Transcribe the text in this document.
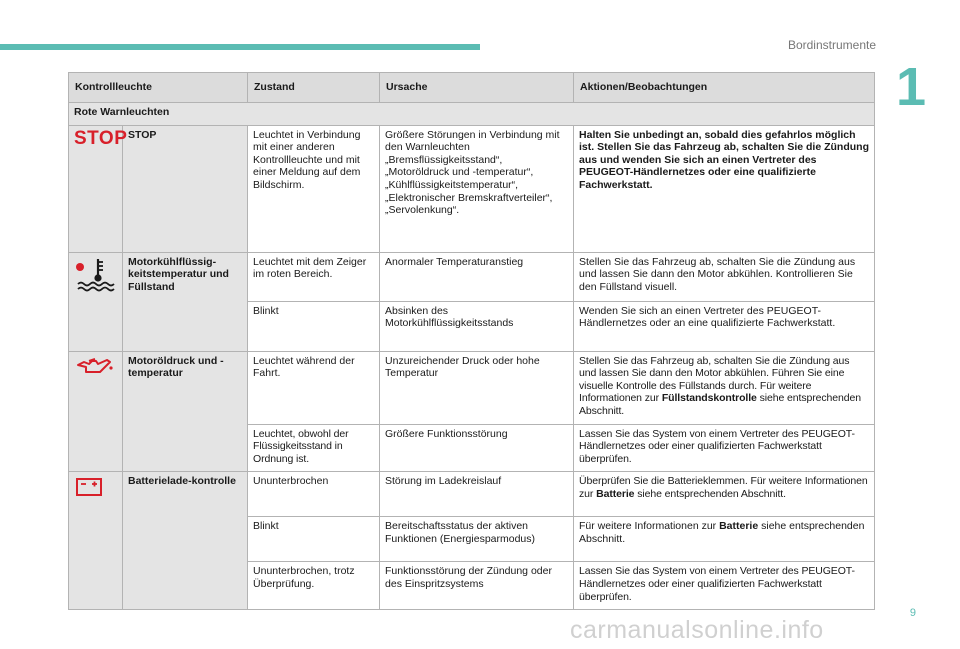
Bordinstrumente
1
Kontrollleuchte		Zustand	Ursache	Aktionen/Beobachtungen
Rote Warnleuchten				
STOP	STOP	Leuchtet in Verbindung mit einer anderen Kontrollleuchte und mit einer Meldung auf dem Bildschirm.	Größere Störungen in Verbindung mit den Warnleuchten „Bremsflüssigkeitsstand“, „Motoröldruck und -temperatur“, „Kühlflüssigkeitstemperatur“, „Elektronischer Bremskraftverteiler“, „Servolenkung“.	Halten Sie unbedingt an, sobald dies gefahrlos möglich ist. Stellen Sie das Fahrzeug ab, schalten Sie die Zündung aus und wenden Sie sich an einen Vertreter des PEUGEOT-Händlernetzes oder eine qualifizierte Fachwerkstatt.
	Motorkühlflüssig-keitstemperatur und Füllstand	Leuchtet mit dem Zeiger im roten Bereich.	Anormaler Temperaturanstieg	Stellen Sie das Fahrzeug ab, schalten Sie die Zündung aus und lassen Sie dann den Motor abkühlen. Kontrollieren Sie den Füllstand visuell.
		Blinkt	Absinken des Motorkühlflüssigkeitsstands	Wenden Sie sich an einen Vertreter des PEUGEOT-Händlernetzes oder an eine qualifizierte Fachwerkstatt.
	Motoröldruck und -temperatur	Leuchtet während der Fahrt.	Unzureichender Druck oder hohe Temperatur	Stellen Sie das Fahrzeug ab, schalten Sie die Zündung aus und lassen Sie dann den Motor abkühlen. Führen Sie eine visuelle Kontrolle des Füllstands durch. Für weitere Informationen zur Füllstandskontrolle siehe entsprechenden Abschnitt.
		Leuchtet, obwohl der Flüssigkeitsstand in Ordnung ist.	Größere Funktionsstörung	Lassen Sie das System von einem Vertreter des PEUGEOT-Händlernetzes oder einer qualifizierten Fachwerkstatt überprüfen.
	Batterielade-kontrolle	Ununterbrochen	Störung im Ladekreislauf	Überprüfen Sie die Batterieklemmen. Für weitere Informationen zur Batterie siehe entsprechenden Abschnitt.
		Blinkt	Bereitschaftsstatus der aktiven Funktionen (Energiesparmodus)	Für weitere Informationen zur Batterie siehe entsprechenden Abschnitt.
		Ununterbrochen, trotz Überprüfung.	Funktionsstörung der Zündung oder des Einspritzsystems	Lassen Sie das System von einem Vertreter des PEUGEOT-Händlernetzes oder einer qualifizierten Fachwerkstatt überprüfen.
9
carmanualsonline.info
